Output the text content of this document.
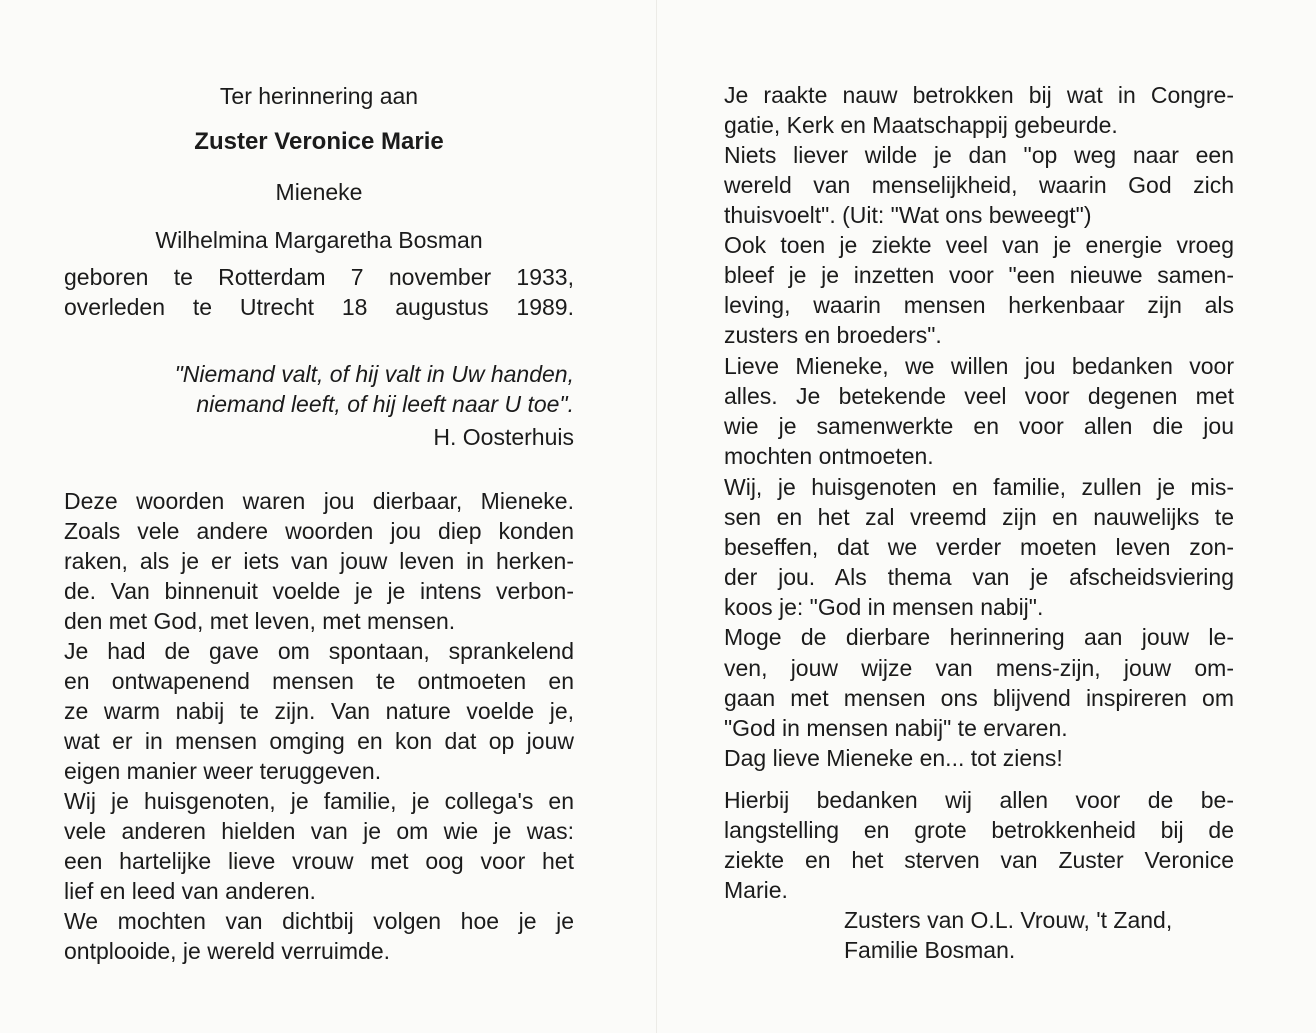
Ter herinnering aan
Zuster Veronice Marie
Mieneke
Wilhelmina Margaretha Bosman
geboren te Rotterdam 7 november 1933,
overleden te Utrecht 18 augustus 1989.
"Niemand valt, of hij valt in Uw handen,
niemand leeft, of hij leeft naar U toe".
H. Oosterhuis
Deze woorden waren jou dierbaar, Mieneke.
Zoals vele andere woorden jou diep konden
raken, als je er iets van jouw leven in herken-
de. Van binnenuit voelde je je intens verbon-
den met God, met leven, met mensen.
Je had de gave om spontaan, sprankelend
en ontwapenend mensen te ontmoeten en
ze warm nabij te zijn. Van nature voelde je,
wat er in mensen omging en kon dat op jouw
eigen manier weer teruggeven.
Wij je huisgenoten, je familie, je collega's en
vele anderen hielden van je om wie je was:
een hartelijke lieve vrouw met oog voor het
lief en leed van anderen.
We mochten van dichtbij volgen hoe je je
ontplooide, je wereld verruimde.
Je raakte nauw betrokken bij wat in Congre-
gatie, Kerk en Maatschappij gebeurde.
Niets liever wilde je dan "op weg naar een
wereld van menselijkheid, waarin God zich
thuisvoelt". (Uit: "Wat ons beweegt")
Ook toen je ziekte veel van je energie vroeg
bleef je je inzetten voor "een nieuwe samen-
leving, waarin mensen herkenbaar zijn als
zusters en broeders".
Lieve Mieneke, we willen jou bedanken voor
alles. Je betekende veel voor degenen met
wie je samenwerkte en voor allen die jou
mochten ontmoeten.
Wij, je huisgenoten en familie, zullen je mis-
sen en het zal vreemd zijn en nauwelijks te
beseffen, dat we verder moeten leven zon-
der jou. Als thema van je afscheidsviering
koos je: "God in mensen nabij".
Moge de dierbare herinnering aan jouw le-
ven, jouw wijze van mens-zijn, jouw om-
gaan met mensen ons blijvend inspireren om
"God in mensen nabij" te ervaren.
Dag lieve Mieneke en... tot ziens!
Hierbij bedanken wij allen voor de be-
langstelling en grote betrokkenheid bij de
ziekte en het sterven van Zuster Veronice
Marie.
Zusters van O.L. Vrouw, 't Zand,
Familie Bosman.
